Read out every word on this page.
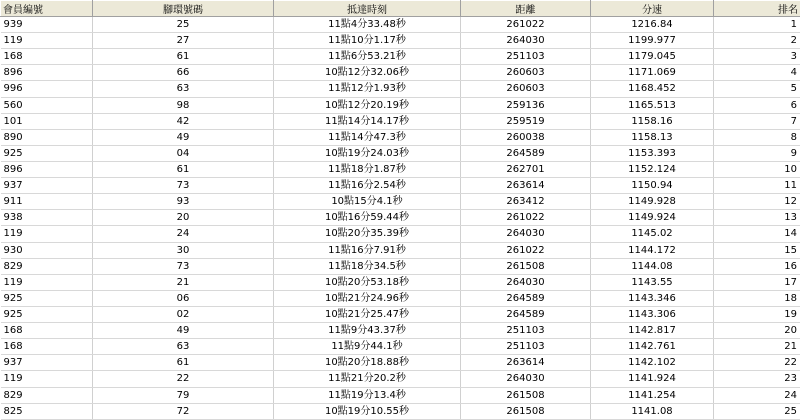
會員編號	腳環號碼	抵達時刻	距離	分速	排名
939	25	11點4分33.48秒	261022	1216.84	1
119	27	11點10分1.17秒	264030	1199.977	2
168	61	11點6分53.21秒	251103	1179.045	3
896	66	10點12分32.06秒	260603	1171.069	4
996	63	11點12分1.93秒	260603	1168.452	5
560	98	10點12分20.19秒	259136	1165.513	6
101	42	11點14分14.17秒	259519	1158.16	7
890	49	11點14分47.3秒	260038	1158.13	8
925	04	10點19分24.03秒	264589	1153.393	9
896	61	11點18分1.87秒	262701	1152.124	10
937	73	11點16分2.54秒	263614	1150.94	11
911	93	10點15分4.1秒	263412	1149.928	12
938	20	10點16分59.44秒	261022	1149.924	13
119	24	10點20分35.39秒	264030	1145.02	14
930	30	11點16分7.91秒	261022	1144.172	15
829	73	11點18分34.5秒	261508	1144.08	16
119	21	10點20分53.18秒	264030	1143.55	17
925	06	10點21分24.96秒	264589	1143.346	18
925	02	10點21分25.47秒	264589	1143.306	19
168	49	11點9分43.37秒	251103	1142.817	20
168	63	11點9分44.1秒	251103	1142.761	21
937	61	10點20分18.88秒	263614	1142.102	22
119	22	11點21分20.2秒	264030	1141.924	23
829	79	11點19分13.4秒	261508	1141.254	24
825	72	10點19分10.55秒	261508	1141.08	25
